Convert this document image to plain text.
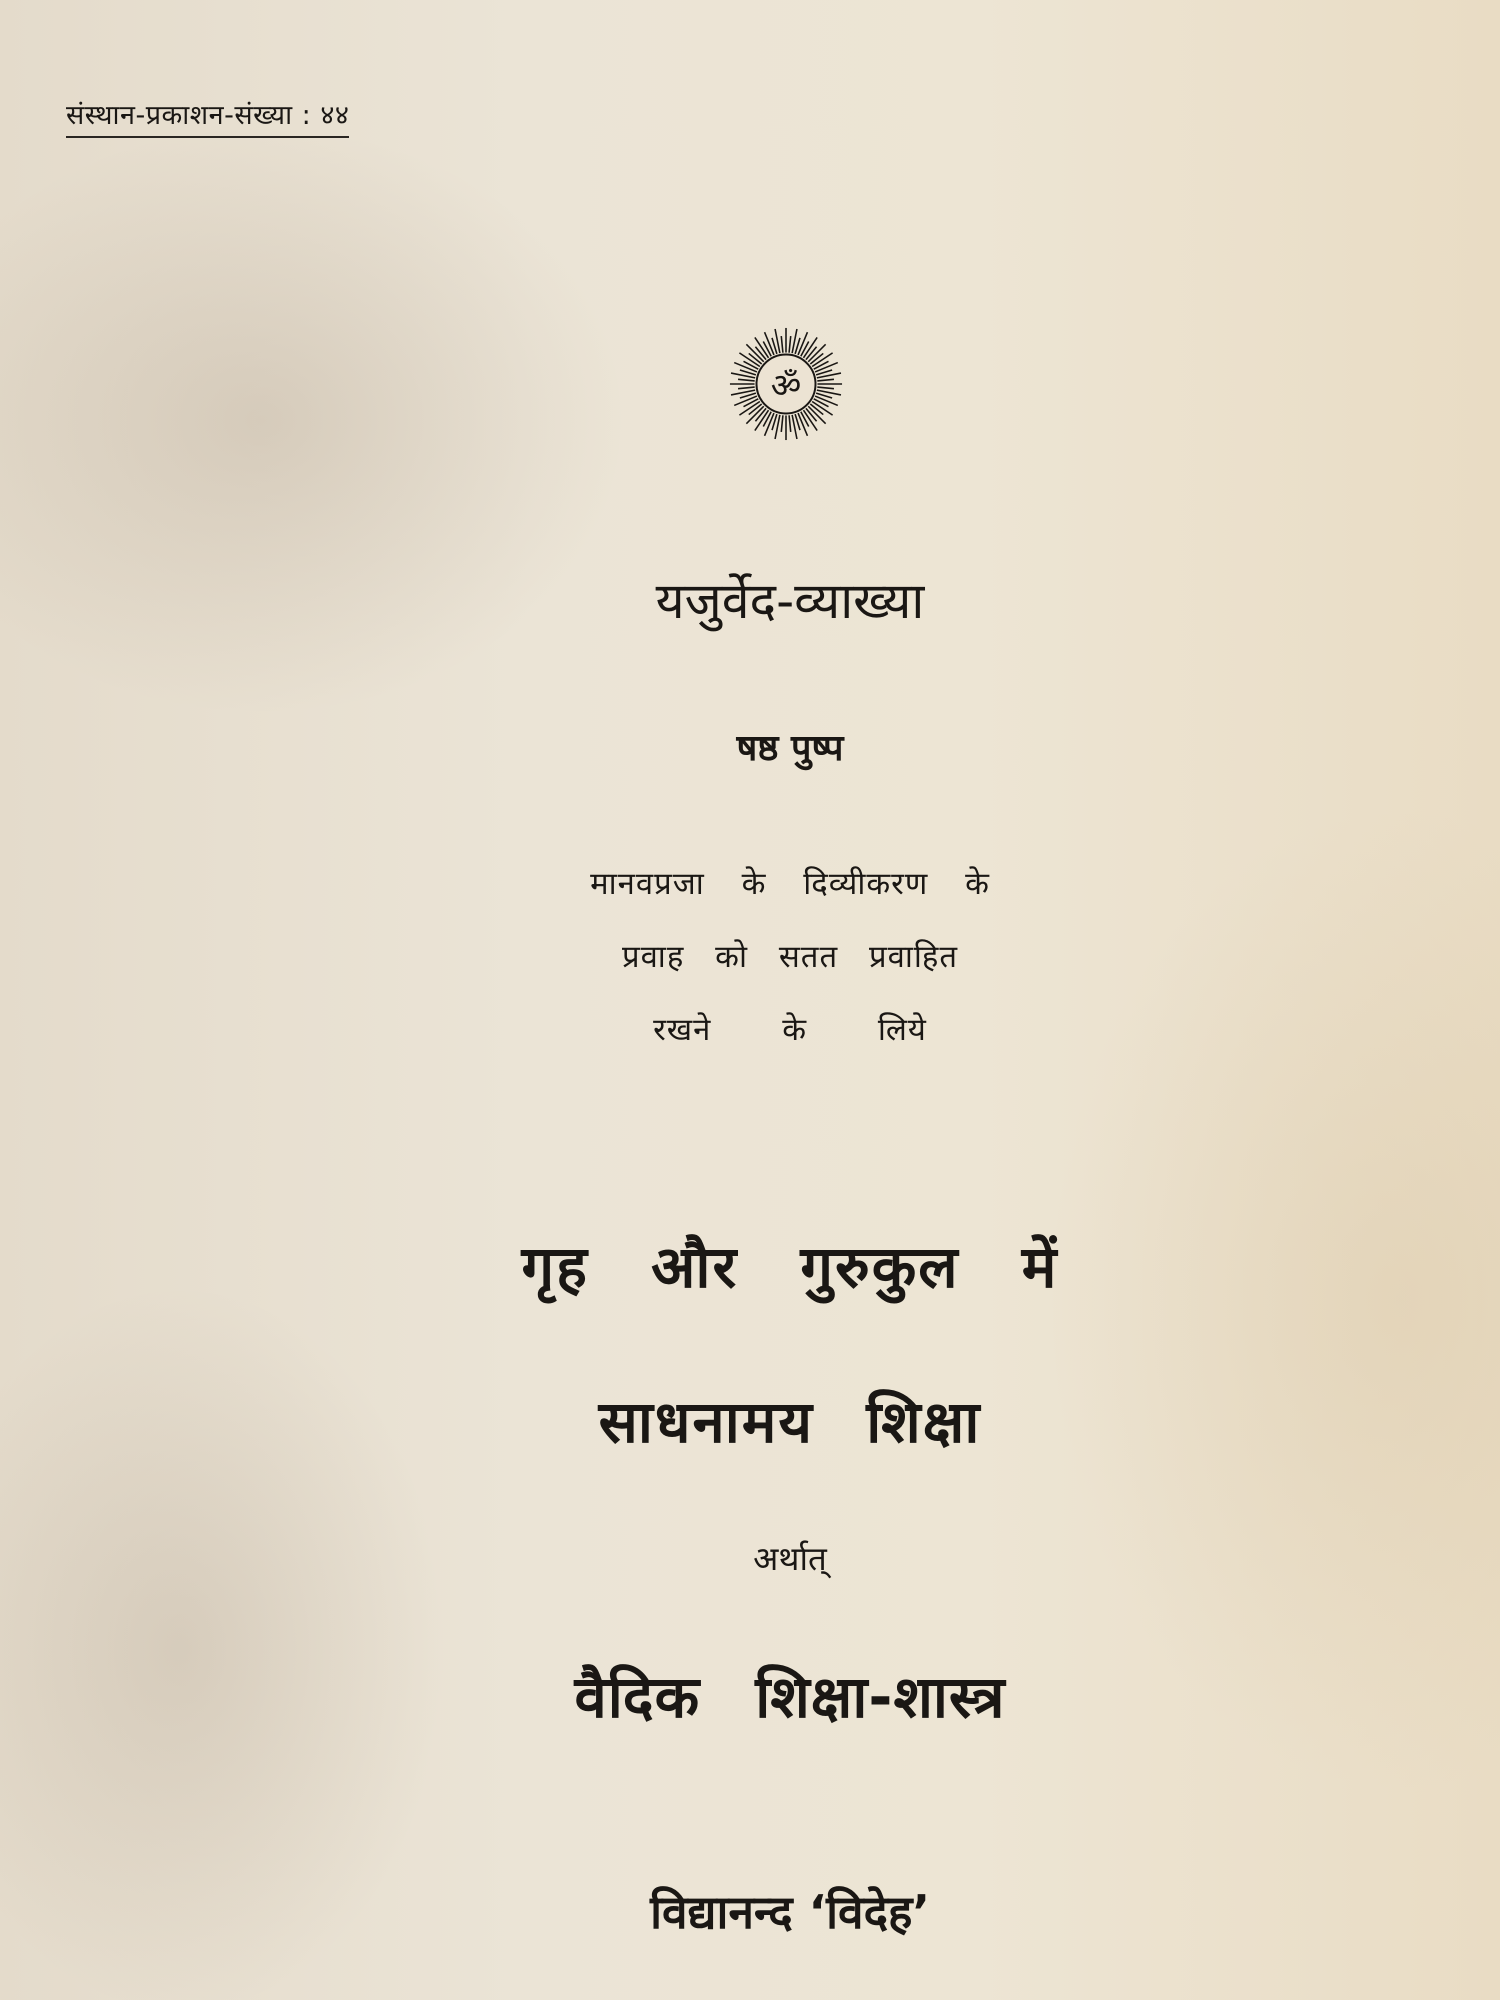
संस्थान-प्रकाशन-संख्या : ४४
ॐ
यजुर्वेद-व्याख्या
षष्ठ पुष्प
मानवप्रजा के दिव्यीकरण के
प्रवाह को सतत प्रवाहित
रखने के लिये
गृह और गुरुकुल में
साधनामय शिक्षा
अर्थात्
वैदिक शिक्षा-शास्त्र
विद्यानन्द ‘विदेह’
